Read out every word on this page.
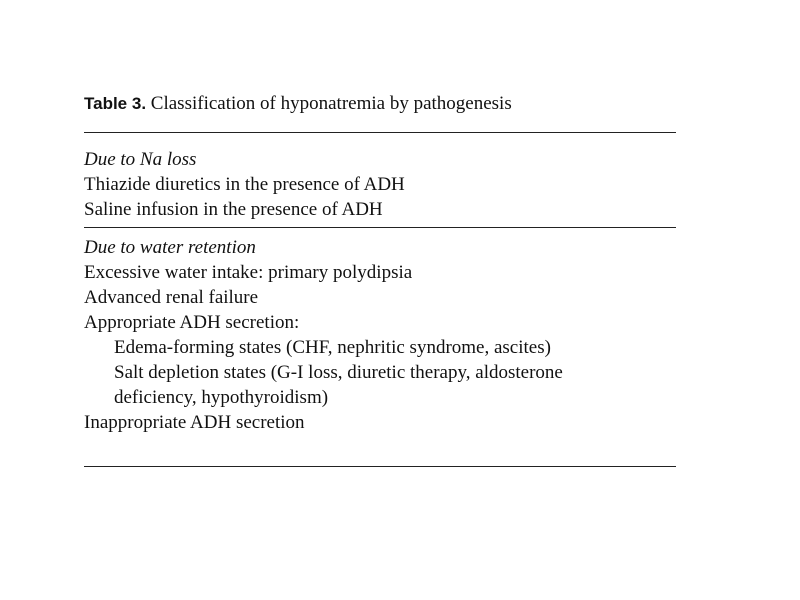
Table 3. Classification of hyponatremia by pathogenesis
Due to Na loss
Thiazide diuretics in the presence of ADH
Saline infusion in the presence of ADH
Due to water retention
Excessive water intake: primary polydipsia
Advanced renal failure
Appropriate ADH secretion:
Edema-forming states (CHF, nephritic syndrome, ascites)
Salt depletion states (G-I loss, diuretic therapy, aldosterone deficiency, hypothyroidism)
Inappropriate ADH secretion
